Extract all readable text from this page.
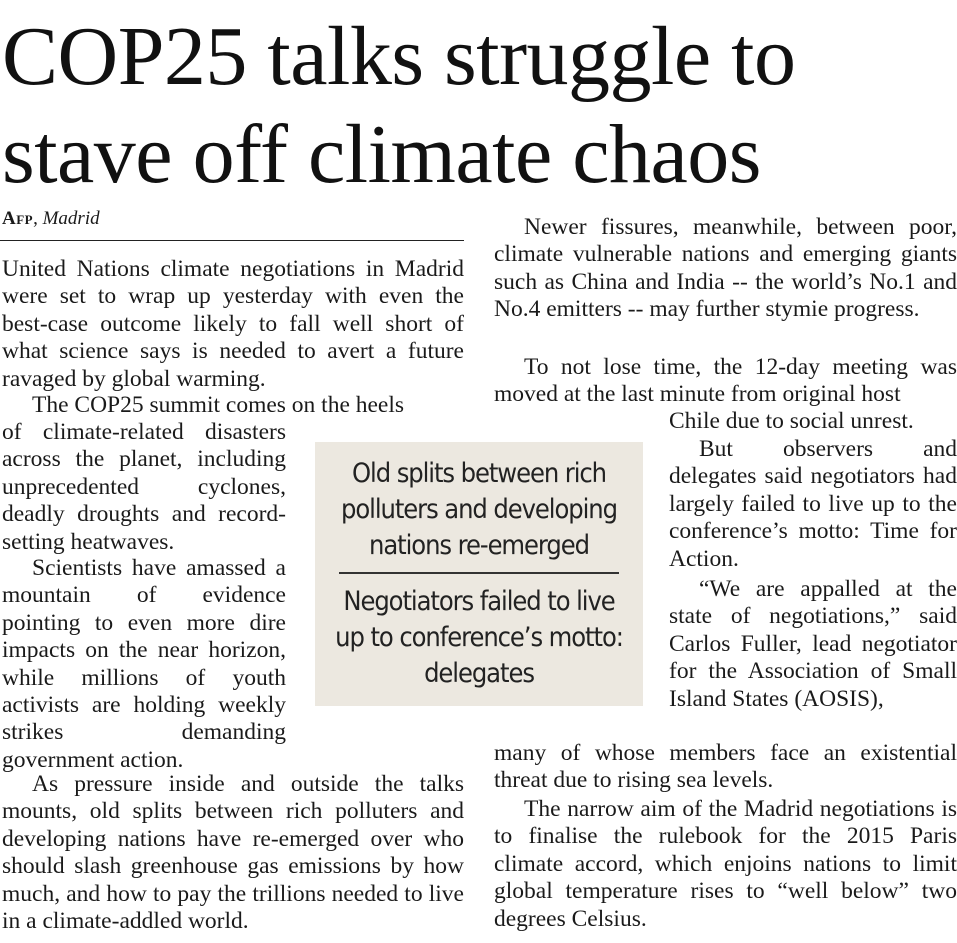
COP25 talks struggle to stave off climate chaos
Afp, Madrid

United Nations climate negotiations in Madrid were set to wrap up yesterday with even the best-case outcome likely to fall well short of what science says is needed to avert a future ravaged by global warming.

The COP25 summit comes on the heels

of climate-related disasters across the planet, including unprecedented cyclones, deadly droughts and record-setting heatwaves.

Scientists have amassed a mountain of evidence pointing to even more dire impacts on the near horizon, while millions of youth activists are holding weekly strikes demanding government action.

As pressure inside and outside the talks mounts, old splits between rich polluters and developing nations have re-emerged over who should slash greenhouse gas emissions by how much, and how to pay the trillions needed to live in a climate-addled world.

Old splits between rich polluters and developing nations re-emerged
Negotiators failed to live up to conference’s motto: delegates

Newer fissures, meanwhile, between poor, climate vulnerable nations and emerging giants such as China and India -- the world’s No.1 and No.4 emitters -- may further stymie progress.

To not lose time, the 12-day meeting was moved at the last minute from original host

Chile due to social unrest.

But observers and delegates said negotiators had largely failed to live up to the conference’s motto: Time for Action.

“We are appalled at the state of negotiations,” said Carlos Fuller, lead negotiator for the Association of Small Island States (AOSIS),

many of whose members face an existential threat due to rising sea levels.

The narrow aim of the Madrid negotiations is to finalise the rulebook for the 2015 Paris climate accord, which enjoins nations to limit global temperature rises to “well below” two degrees Celsius.
